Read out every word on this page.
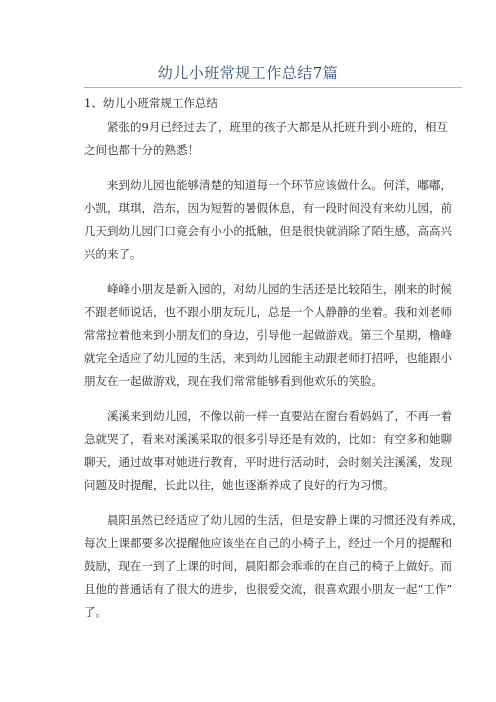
幼儿小班常规工作总结7篇
1、幼儿小班常规工作总结

紧张的9月已经过去了，班里的孩子大都是从托班升到小班的，相互
之间也都十分的熟悉！

来到幼儿园也能够清楚的知道每一个环节应该做什么。何洋，嘟嘟，
小凯，琪琪，浩东，因为短暂的暑假休息，有一段时间没有来幼儿园，前
几天到幼儿园门口竟会有小小的抵触，但是很快就消除了陌生感，高高兴
兴的来了。

峰峰小朋友是新入园的，对幼儿园的生活还是比较陌生，刚来的时候
不跟老师说话，也不跟小朋友玩儿，总是一个人静静的坐着。我和刘老师
常常拉着他来到小朋友们的身边，引导他一起做游戏。第三个星期，橹峰
就完全适应了幼儿园的生活，来到幼儿园能主动跟老师打招呼，也能跟小
朋友在一起做游戏，现在我们常常能够看到他欢乐的笑脸。

溪溪来到幼儿园，不像以前一样一直要站在窗台看妈妈了，不再一着
急就哭了，看来对溪溪采取的很多引导还是有效的，比如：有空多和她聊
聊天，通过故事对她进行教育，平时进行活动时，会时刻关注溪溪，发现
问题及时提醒，长此以往，她也逐渐养成了良好的行为习惯。

晨阳虽然已经适应了幼儿园的生活，但是安静上课的习惯还没有养成，
每次上课都要多次提醒他应该坐在自己的小椅子上，经过一个月的提醒和
鼓励，现在一到了上课的时间，晨阳都会乖乖的在自己的椅子上做好。而
且他的普通话有了很大的进步，也很爱交流，很喜欢跟小朋友一起“工作”
了。
